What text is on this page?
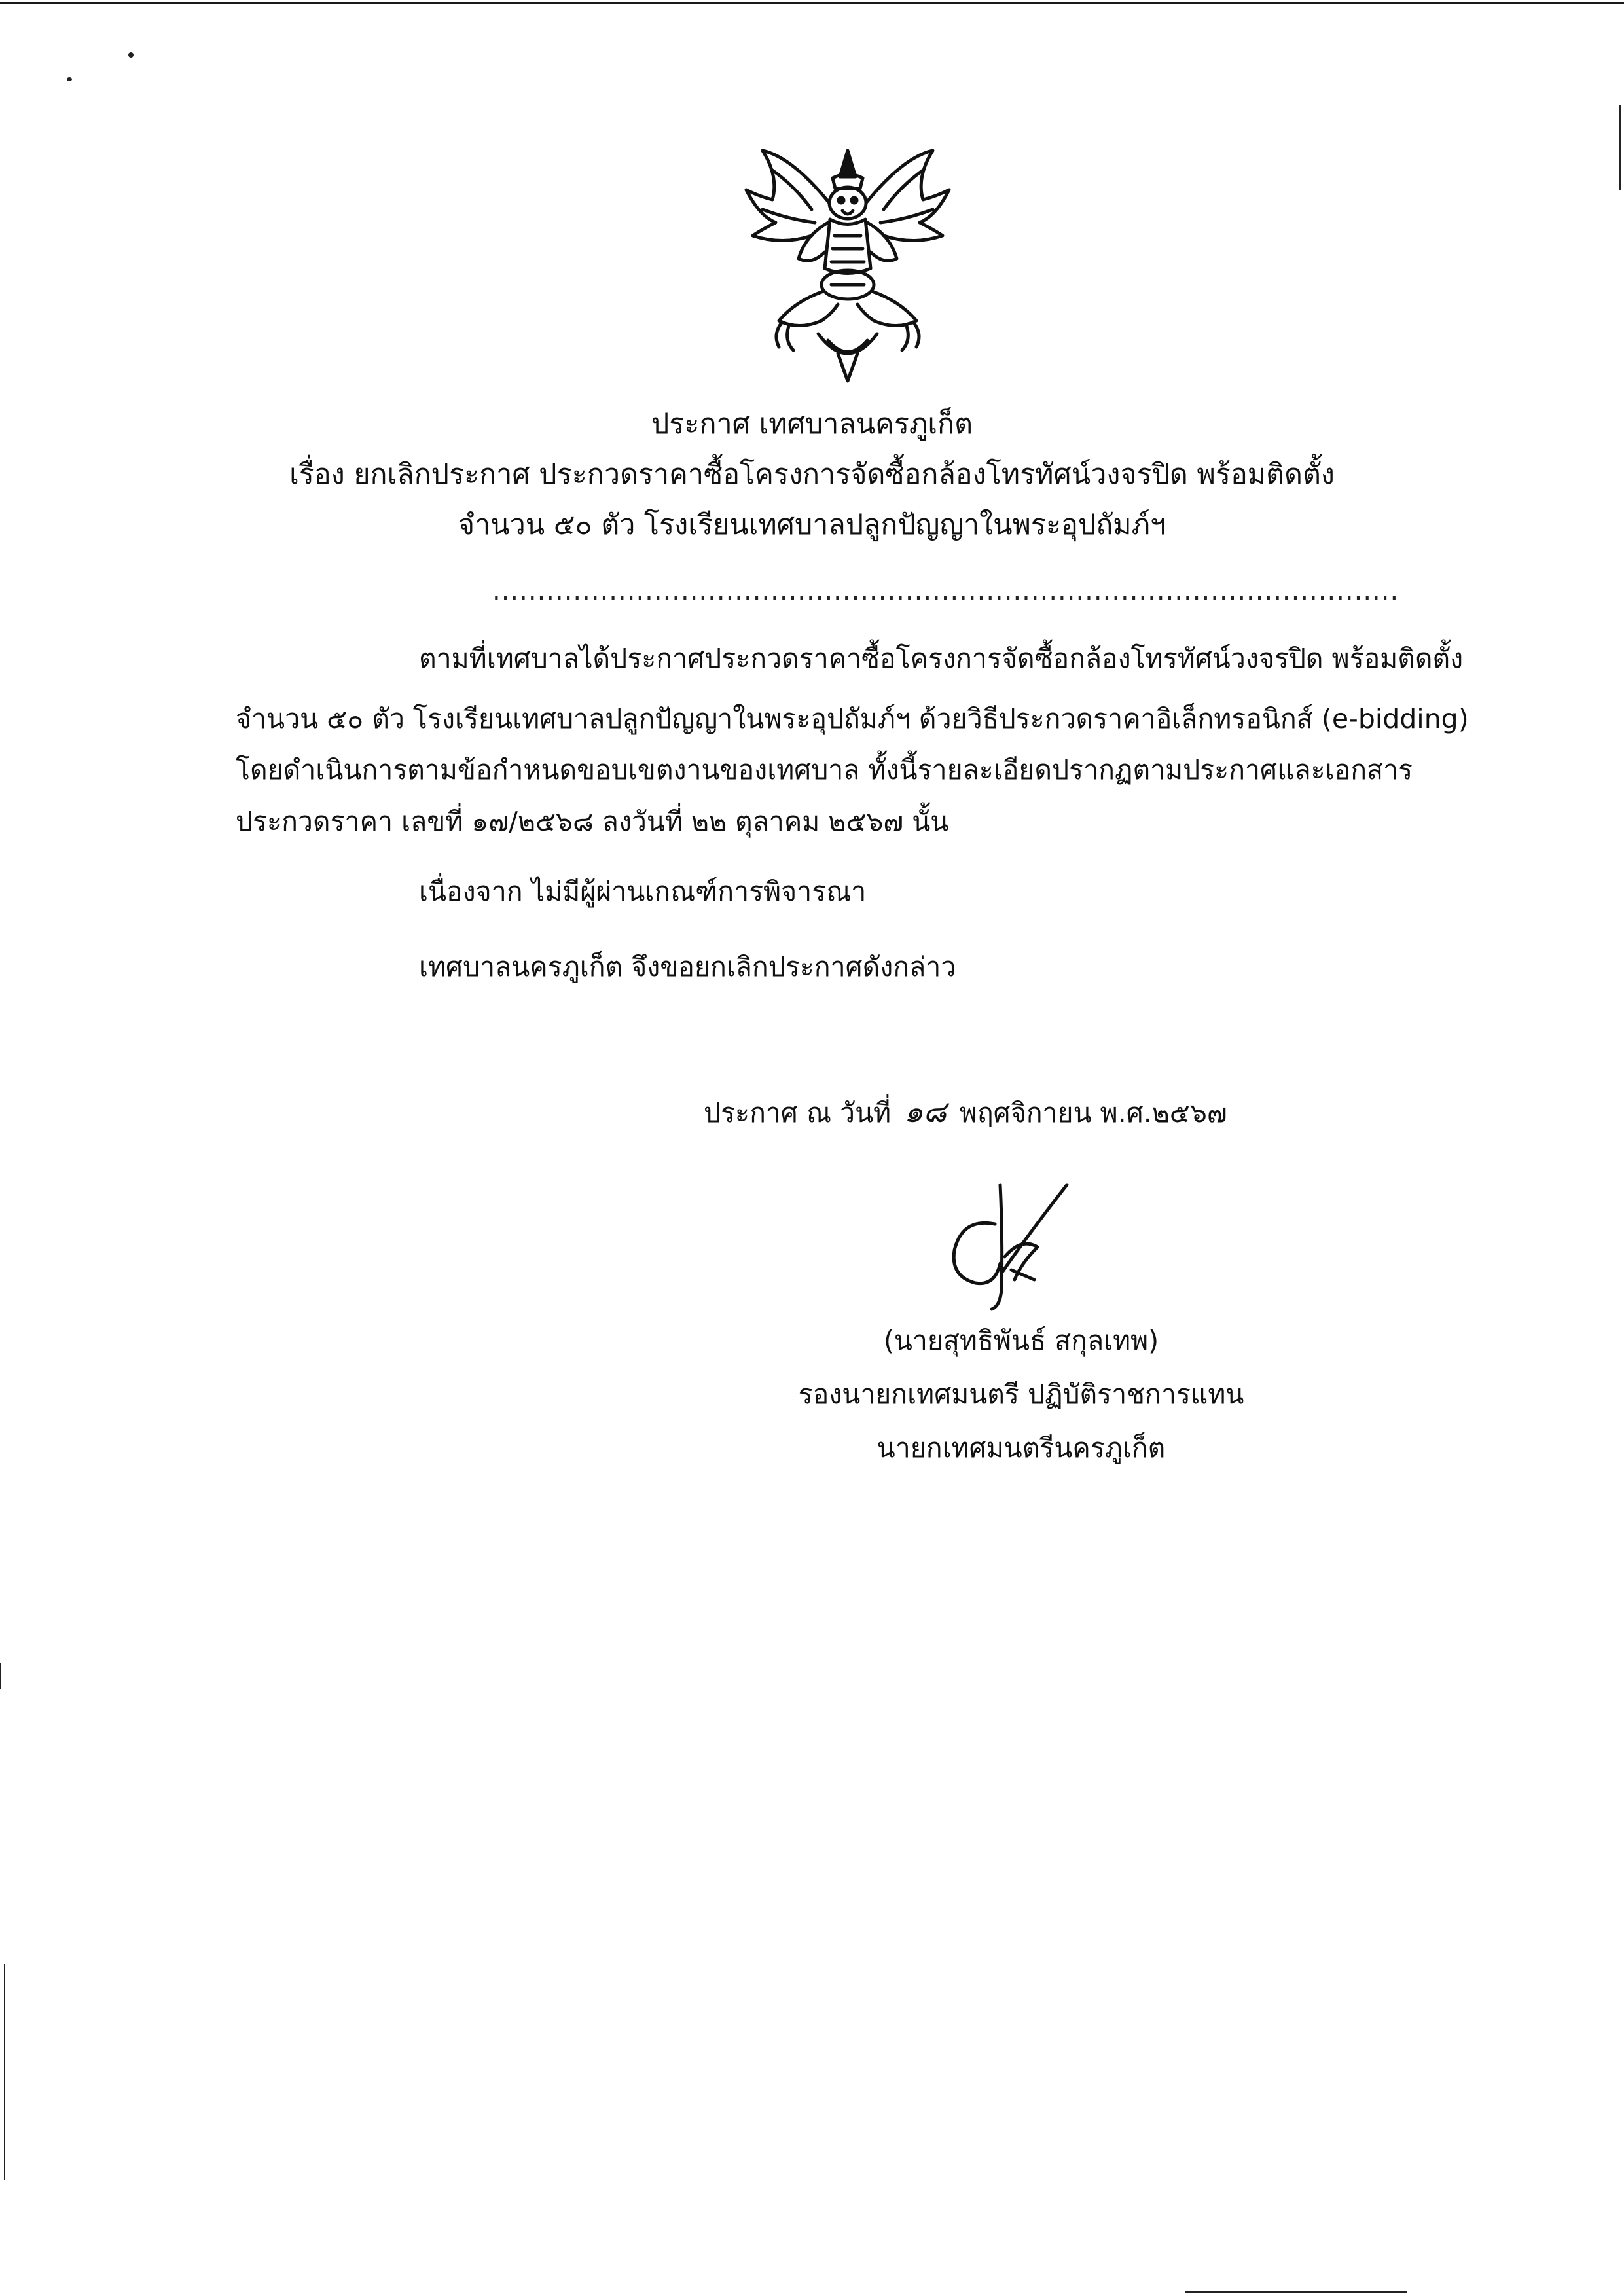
ประกาศ เทศบาลนครภูเก็ต
เรื่อง ยกเลิกประกาศ ประกวดราคาซื้อโครงการจัดซื้อกล้องโทรทัศน์วงจรปิด พร้อมติดตั้ง
จำนวน ๕๐ ตัว โรงเรียนเทศบาลปลูกปัญญาในพระอุปถัมภ์ฯ
.....................................................................................................
ตามที่เทศบาลได้ประกาศประกวดราคาซื้อโครงการจัดซื้อกล้องโทรทัศน์วงจรปิด พร้อมติดตั้ง
จำนวน ๕๐ ตัว โรงเรียนเทศบาลปลูกปัญญาในพระอุปถัมภ์ฯ ด้วยวิธีประกวดราคาอิเล็กทรอนิกส์ (e-bidding)
โดยดำเนินการตามข้อกำหนดขอบเขตงานของเทศบาล ทั้งนี้รายละเอียดปรากฏตามประกาศและเอกสาร
ประกวดราคา เลขที่ ๑๗/๒๕๖๘ ลงวันที่ ๒๒ ตุลาคม ๒๕๖๗ นั้น
เนื่องจาก ไม่มีผู้ผ่านเกณฑ์การพิจารณา
เทศบาลนครภูเก็ต จึงขอยกเลิกประกาศดังกล่าว
ประกาศ ณ วันที่ ๑๘ พฤศจิกายน พ.ศ.๒๕๖๗
(นายสุทธิพันธ์ สกุลเทพ)
รองนายกเทศมนตรี ปฏิบัติราชการแทน
นายกเทศมนตรีนครภูเก็ต
